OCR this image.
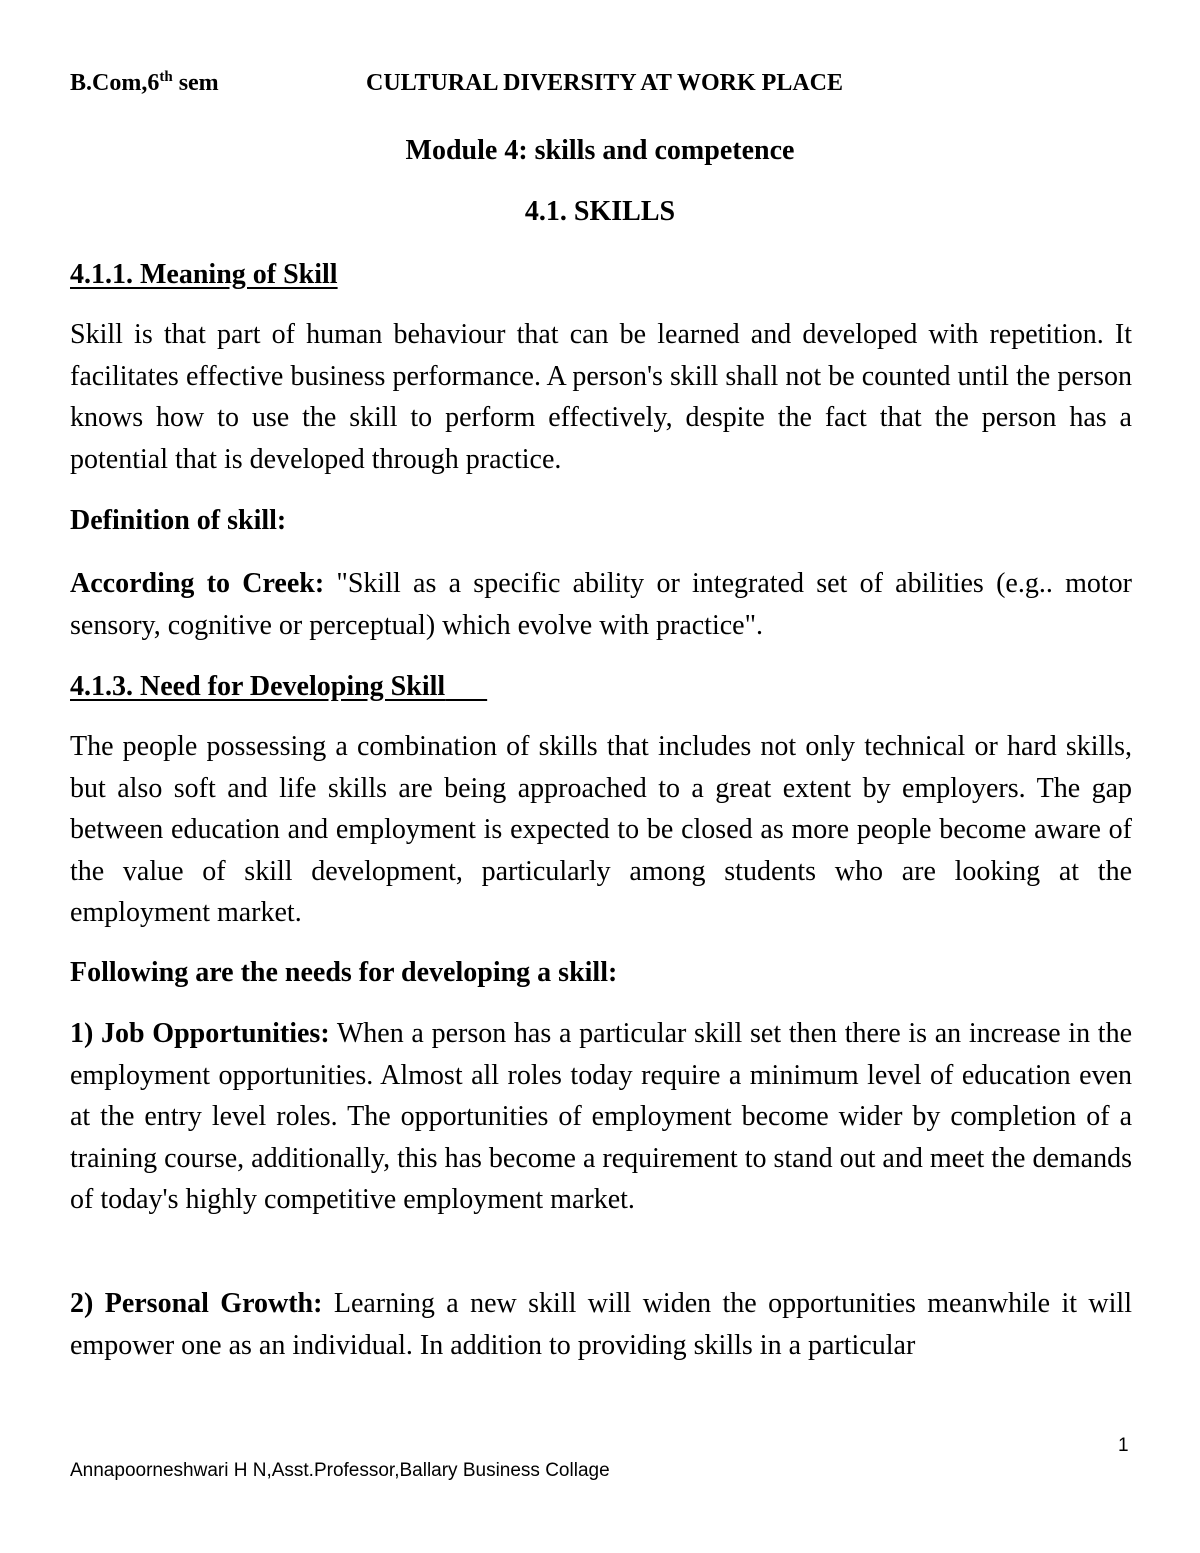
B.Com,6th sem	CULTURAL DIVERSITY AT WORK PLACE
Module 4: skills and competence
4.1. SKILLS
4.1.1. Meaning of Skill
Skill is that part of human behaviour that can be learned and developed with repetition. It facilitates effective business performance. A person's skill shall not be counted until the person knows how to use the skill to perform effectively, despite the fact that the person has a potential that is developed through practice.
Definition of skill:
According to Creek: "Skill as a specific ability or integrated set of abilities (e.g.. motor sensory, cognitive or perceptual) which evolve with practice".
4.1.3. Need for Developing Skill
The people possessing a combination of skills that includes not only technical or hard skills, but also soft and life skills are being approached to a great extent by employers. The gap between education and employment is expected to be closed as more people become aware of the value of skill development, particularly among students who are looking at the employment market.
Following are the needs for developing a skill:
1) Job Opportunities: When a person has a particular skill set then there is an increase in the employment opportunities. Almost all roles today require a minimum level of education even at the entry level roles. The opportunities of employment become wider by completion of a training course, additionally, this has become a requirement to stand out and meet the demands of today's highly competitive employment market.
2) Personal Growth: Learning a new skill will widen the opportunities meanwhile it will empower one as an individual. In addition to providing skills in a particular
1
Annapoorneshwari H N,Asst.Professor,Ballary Business Collage
